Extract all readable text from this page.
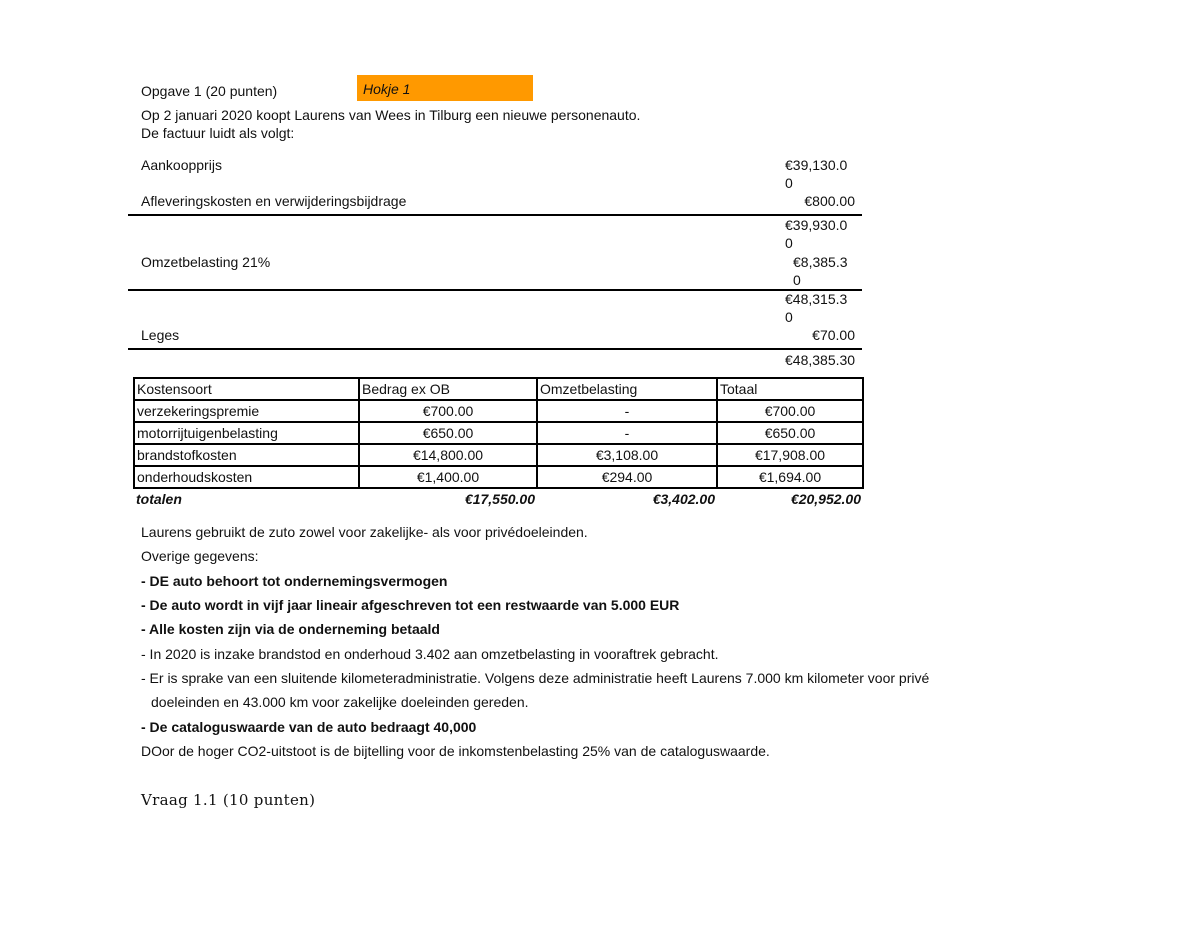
Opgave 1 (20 punten)	Hokje 1
Op 2 januari 2020 koopt Laurens van Wees in Tilburg een nieuwe personenauto.
De factuur luidt als volgt:
Aankoopprijs	€39,130.00
Afleveringskosten en verwijderingsbijdrage	€800.00
€39,930.00
Omzetbelasting 21%	€8,385.30
€48,315.30
Leges	€70.00
€48,385.30
Kostensoort	Bedrag ex OB	Omzetbelasting	Totaal
verzekeringspremie	€700.00	-	€700.00
motorrijtuigenbelasting	€650.00	-	€650.00
brandstofkosten	€14,800.00	€3,108.00	€17,908.00
onderhoudskosten	€1,400.00	€294.00	€1,694.00
totalen	€17,550.00	€3,402.00	€20,952.00
Laurens gebruikt de zuto zowel voor zakelijke- als voor privédoeleinden.
Overige gegevens:
- DE auto behoort tot ondernemingsvermogen
- De auto wordt in vijf jaar lineair afgeschreven tot een restwaarde van 5.000 EUR
- Alle kosten zijn via de onderneming betaald
- In 2020 is inzake brandstod en onderhoud 3.402 aan omzetbelasting in vooraftrek gebracht.
- Er is sprake van een sluitende kilometeradministratie. Volgens deze administratie heeft Laurens 7.000 km kilometer voor privé
doeleinden en 43.000 km voor zakelijke doeleinden gereden.
- De cataloguswaarde van de auto bedraagt 40,000
DOor de hoger CO2-uitstoot is de bijtelling voor de inkomstenbelasting 25% van de cataloguswaarde.
Vraag 1.1 (10 punten)
